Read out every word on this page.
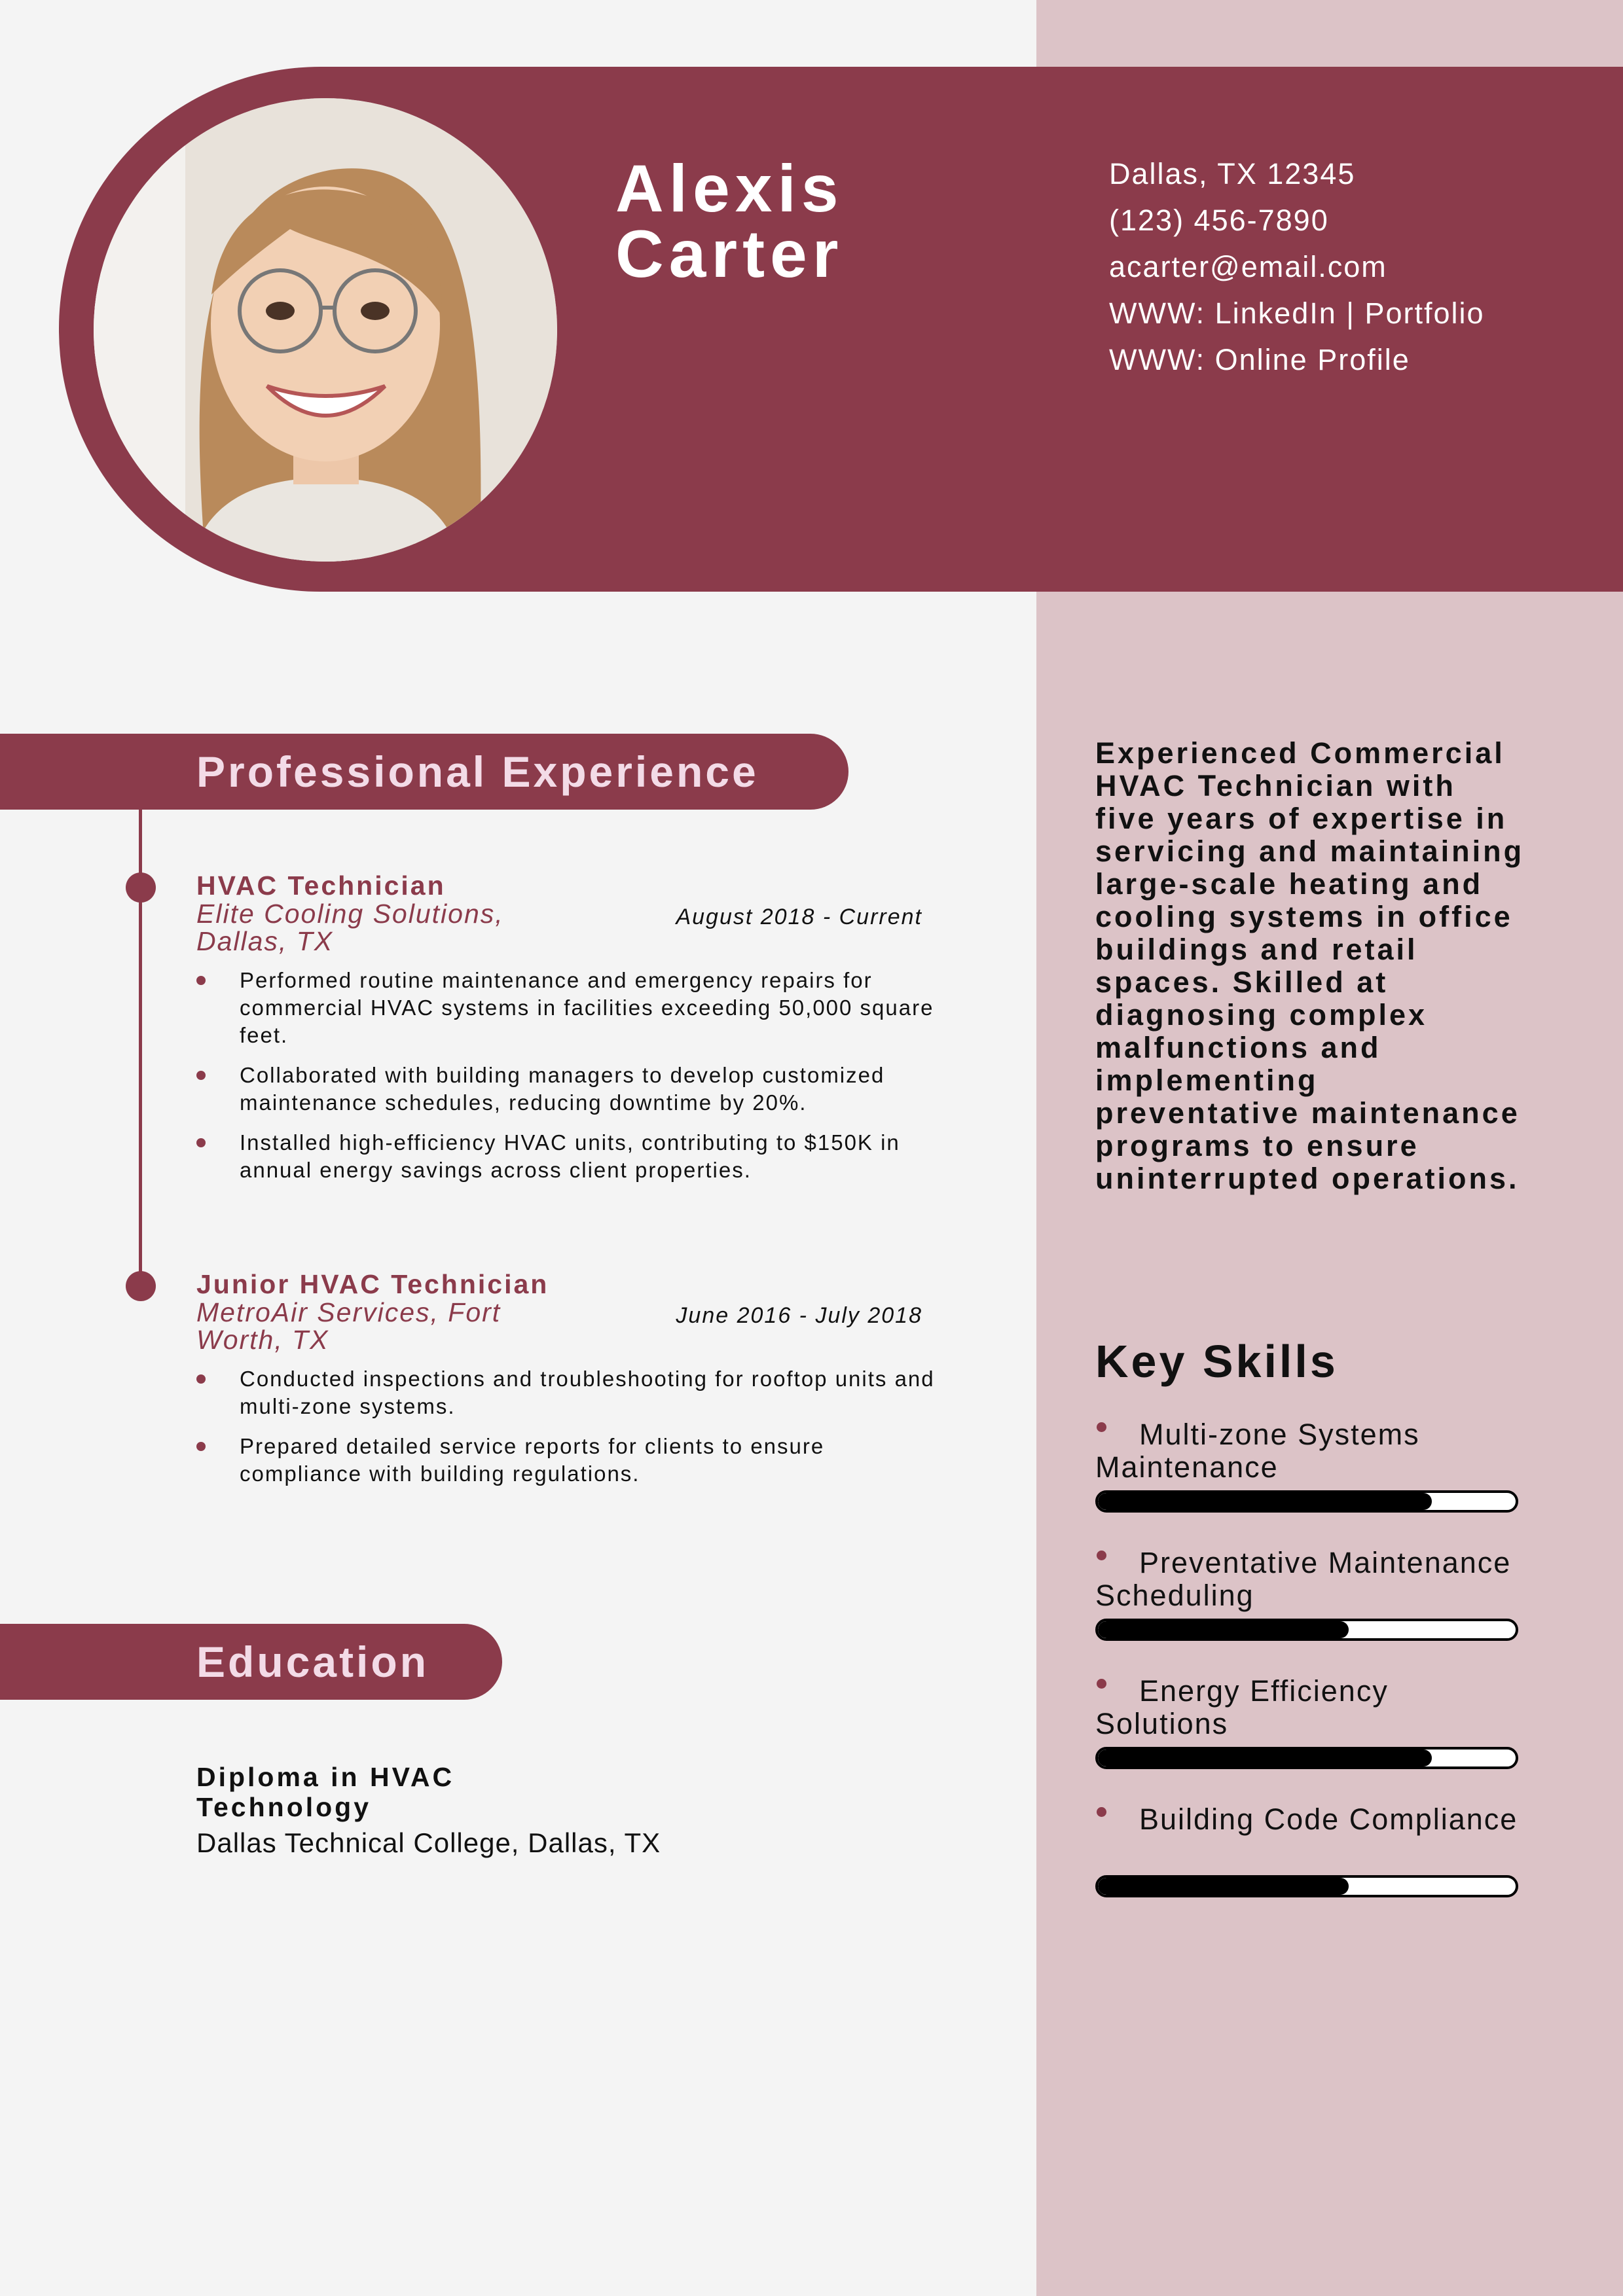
Alexis
Carter
Dallas, TX 12345
(123) 456-7890
acarter@email.com
WWW: LinkedIn | Portfolio
WWW: Online Profile
Professional Experience
HVAC Technician
Elite Cooling Solutions, Dallas, TX
August 2018 - Current
Performed routine maintenance and emergency repairs for commercial HVAC systems in facilities exceeding 50,000 square feet.
Collaborated with building managers to develop customized maintenance schedules, reducing downtime by 20%.
Installed high-efficiency HVAC units, contributing to $150K in annual energy savings across client properties.
Junior HVAC Technician
MetroAir Services, Fort Worth, TX
June 2016 - July 2018
Conducted inspections and troubleshooting for rooftop units and multi-zone systems.
Prepared detailed service reports for clients to ensure compliance with building regulations.
Education
Diploma in HVAC Technology
Dallas Technical College, Dallas, TX
Experienced Commercial HVAC Technician with five years of expertise in servicing and maintaining large-scale heating and cooling systems in office buildings and retail spaces. Skilled at diagnosing complex malfunctions and implementing preventative maintenance programs to ensure uninterrupted operations.
Key Skills
Multi-zone Systems Maintenance
Preventative Maintenance Scheduling
Energy Efficiency Solutions
Building Code Compliance
